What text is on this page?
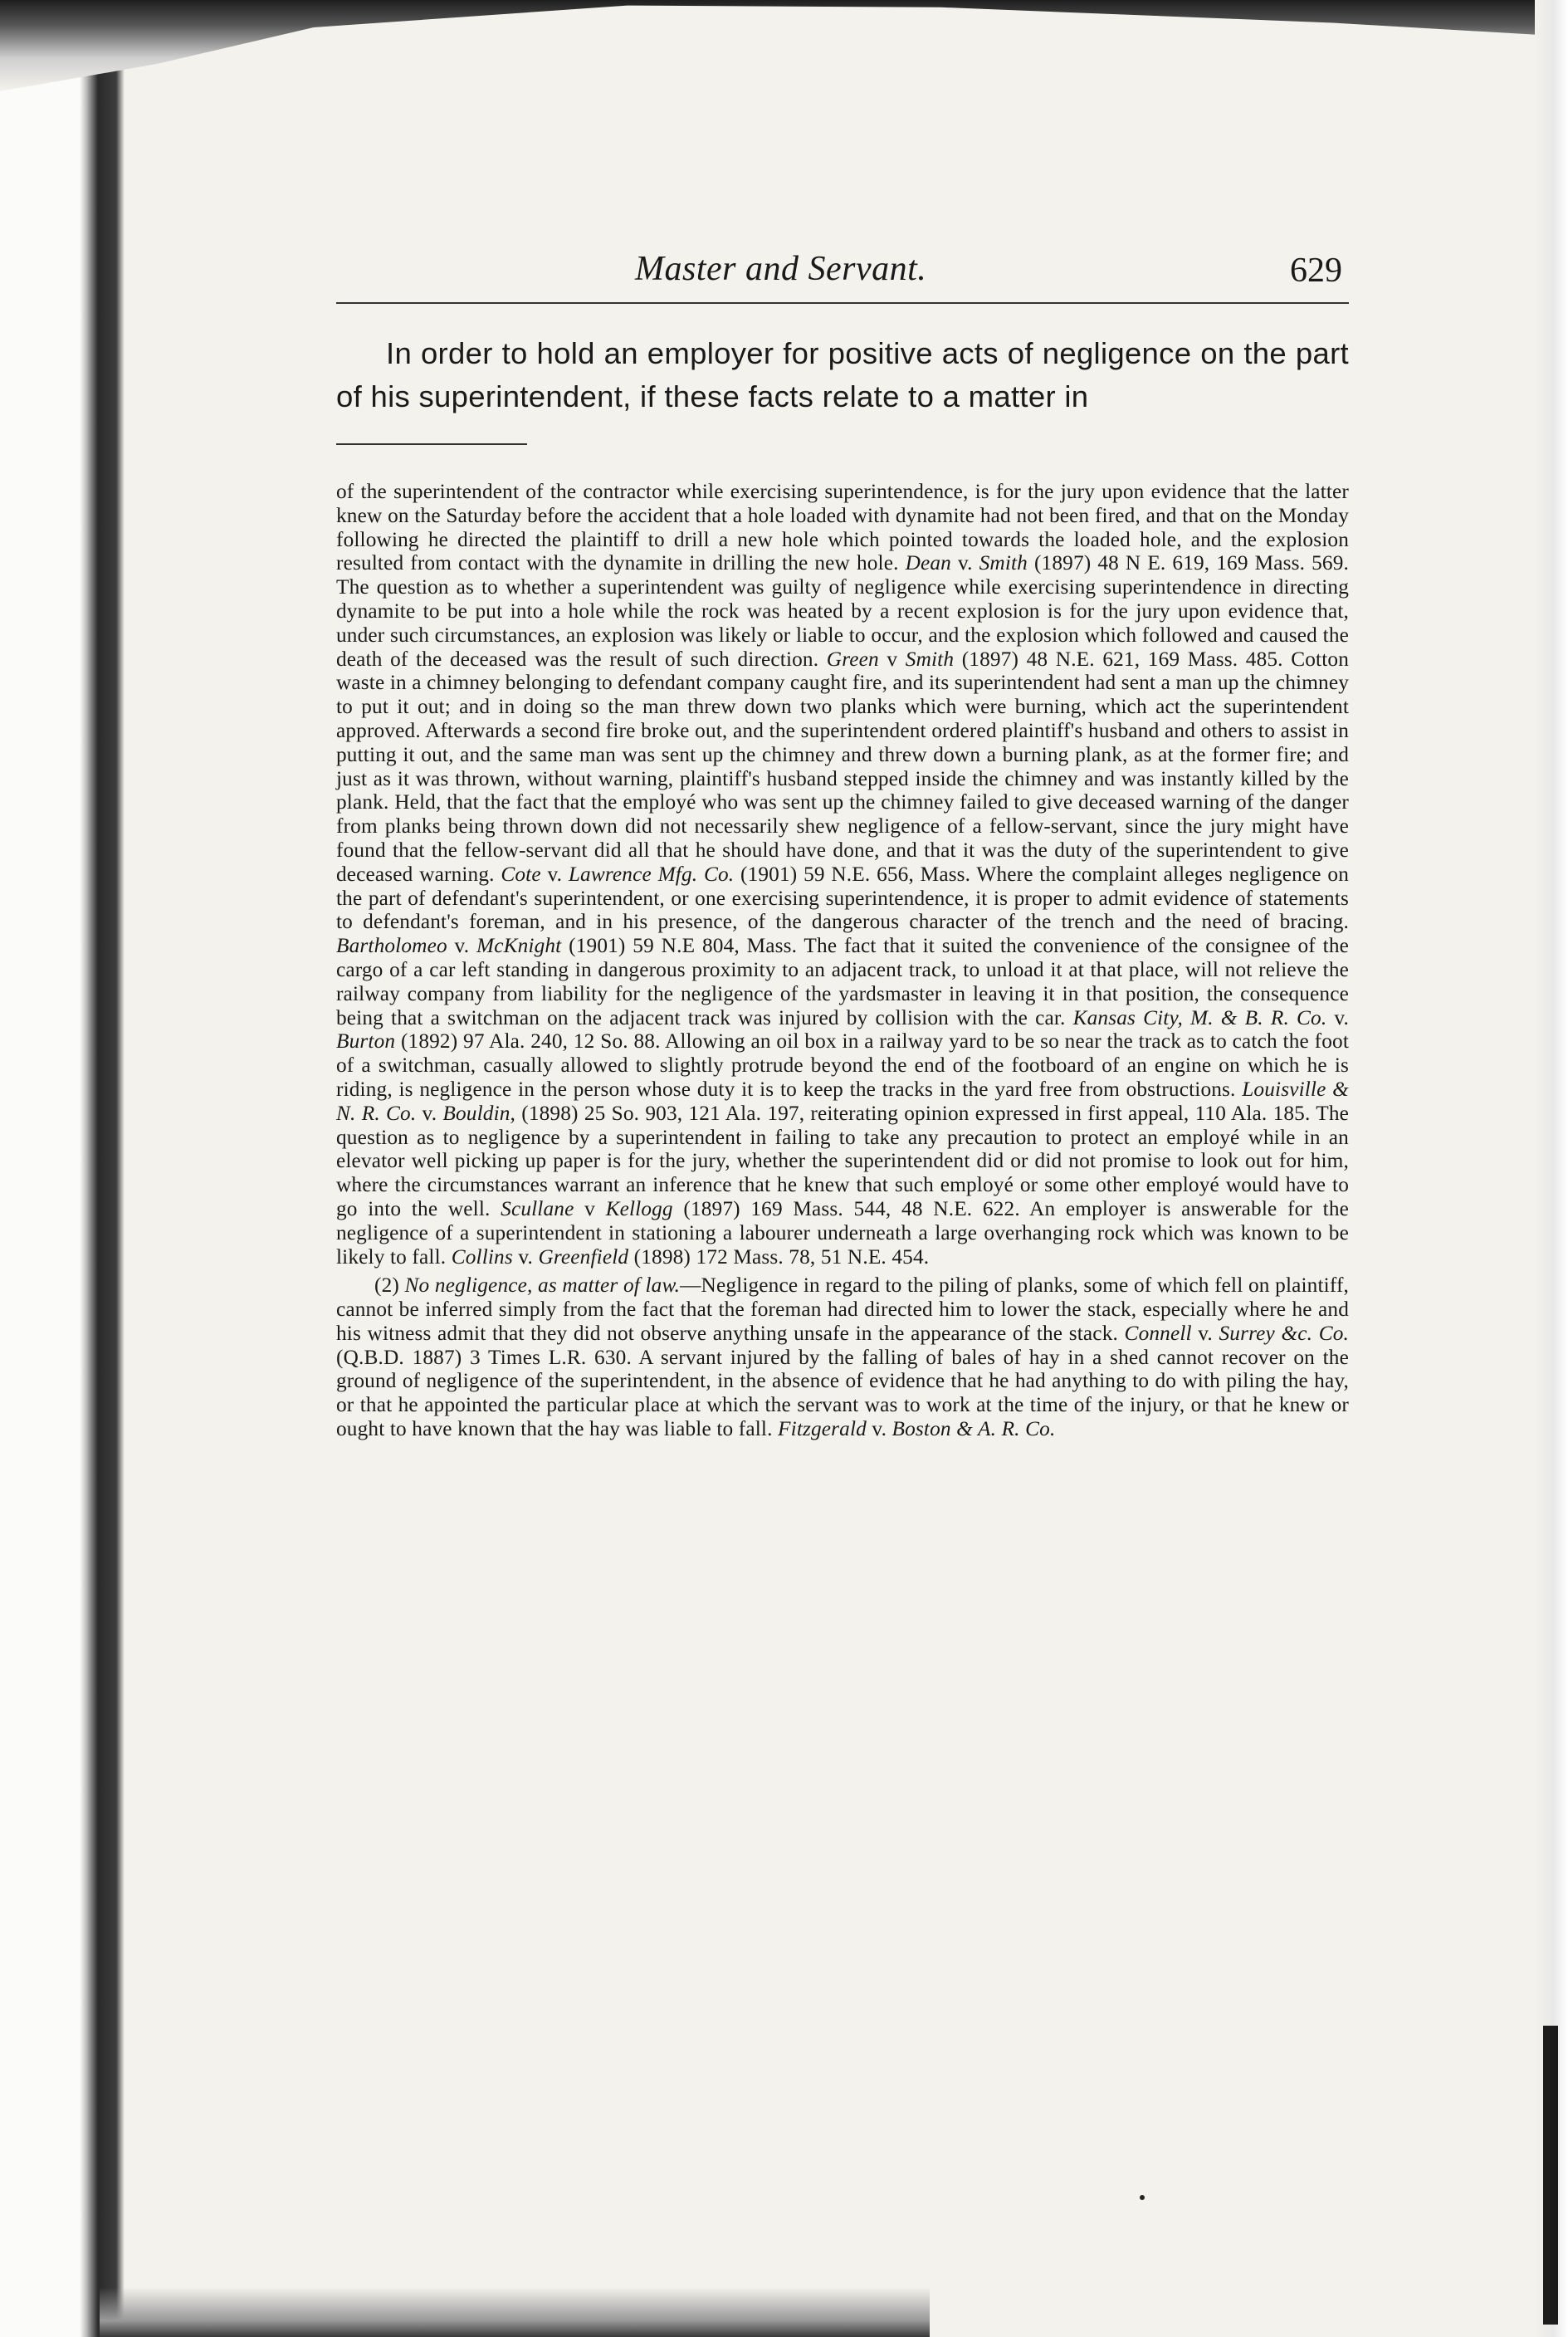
Master and Servant.	629

In order to hold an employer for positive acts of negligence on the part of his superintendent, if these facts relate to a matter in

of the superintendent of the contractor while exercising superintendence, is for the jury upon evidence that the latter knew on the Saturday before the accident that a hole loaded with dynamite had not been fired, and that on the Monday following he directed the plaintiff to drill a new hole which pointed towards the loaded hole, and the explosion resulted from contact with the dynamite in drilling the new hole. Dean v. Smith (1897) 48 N E. 619, 169 Mass. 569. The question as to whether a superintendent was guilty of negligence while exercising superintendence in directing dynamite to be put into a hole while the rock was heated by a recent explosion is for the jury upon evidence that, under such circumstances, an explosion was likely or liable to occur, and the explosion which followed and caused the death of the deceased was the result of such direction. Green v Smith (1897) 48 N.E. 621, 169 Mass. 485. Cotton waste in a chimney belonging to defendant company caught fire, and its superintendent had sent a man up the chimney to put it out; and in doing so the man threw down two planks which were burning, which act the superintendent approved. Afterwards a second fire broke out, and the superintendent ordered plaintiff's husband and others to assist in putting it out, and the same man was sent up the chimney and threw down a burning plank, as at the former fire; and just as it was thrown, without warning, plaintiff's husband stepped inside the chimney and was instantly killed by the plank. Held, that the fact that the employé who was sent up the chimney failed to give deceased warning of the danger from planks being thrown down did not necessarily shew negligence of a fellow-servant, since the jury might have found that the fellow-servant did all that he should have done, and that it was the duty of the superintendent to give deceased warning. Cote v. Lawrence Mfg. Co. (1901) 59 N.E. 656, Mass. Where the complaint alleges negligence on the part of defendant's superintendent, or one exercising superintendence, it is proper to admit evidence of statements to defendant's foreman, and in his presence, of the dangerous character of the trench and the need of bracing. Bartholomeo v. McKnight (1901) 59 N.E 804, Mass. The fact that it suited the convenience of the consignee of the cargo of a car left standing in dangerous proximity to an adjacent track, to unload it at that place, will not relieve the railway company from liability for the negligence of the yardsmaster in leaving it in that position, the consequence being that a switchman on the adjacent track was injured by collision with the car. Kansas City, M. & B. R. Co. v. Burton (1892) 97 Ala. 240, 12 So. 88. Allowing an oil box in a railway yard to be so near the track as to catch the foot of a switchman, casually allowed to slightly protrude beyond the end of the footboard of an engine on which he is riding, is negligence in the person whose duty it is to keep the tracks in the yard free from obstructions. Louisville & N. R. Co. v. Bouldin, (1898) 25 So. 903, 121 Ala. 197, reiterating opinion expressed in first appeal, 110 Ala. 185. The question as to negligence by a superintendent in failing to take any precaution to protect an employé while in an elevator well picking up paper is for the jury, whether the superintendent did or did not promise to look out for him, where the circumstances warrant an inference that he knew that such employé or some other employé would have to go into the well. Scullane v Kellogg (1897) 169 Mass. 544, 48 N.E. 622. An employer is answerable for the negligence of a superintendent in stationing a labourer underneath a large overhanging rock which was known to be likely to fall. Collins v. Greenfield (1898) 172 Mass. 78, 51 N.E. 454.

(2) No negligence, as matter of law.—Negligence in regard to the piling of planks, some of which fell on plaintiff, cannot be inferred simply from the fact that the foreman had directed him to lower the stack, especially where he and his witness admit that they did not observe anything unsafe in the appearance of the stack. Connell v. Surrey &c. Co. (Q.B.D. 1887) 3 Times L.R. 630. A servant injured by the falling of bales of hay in a shed cannot recover on the ground of negligence of the superintendent, in the absence of evidence that he had anything to do with piling the hay, or that he appointed the particular place at which the servant was to work at the time of the injury, or that he knew or ought to have known that the hay was liable to fall. Fitzgerald v. Boston & A. R. Co.
